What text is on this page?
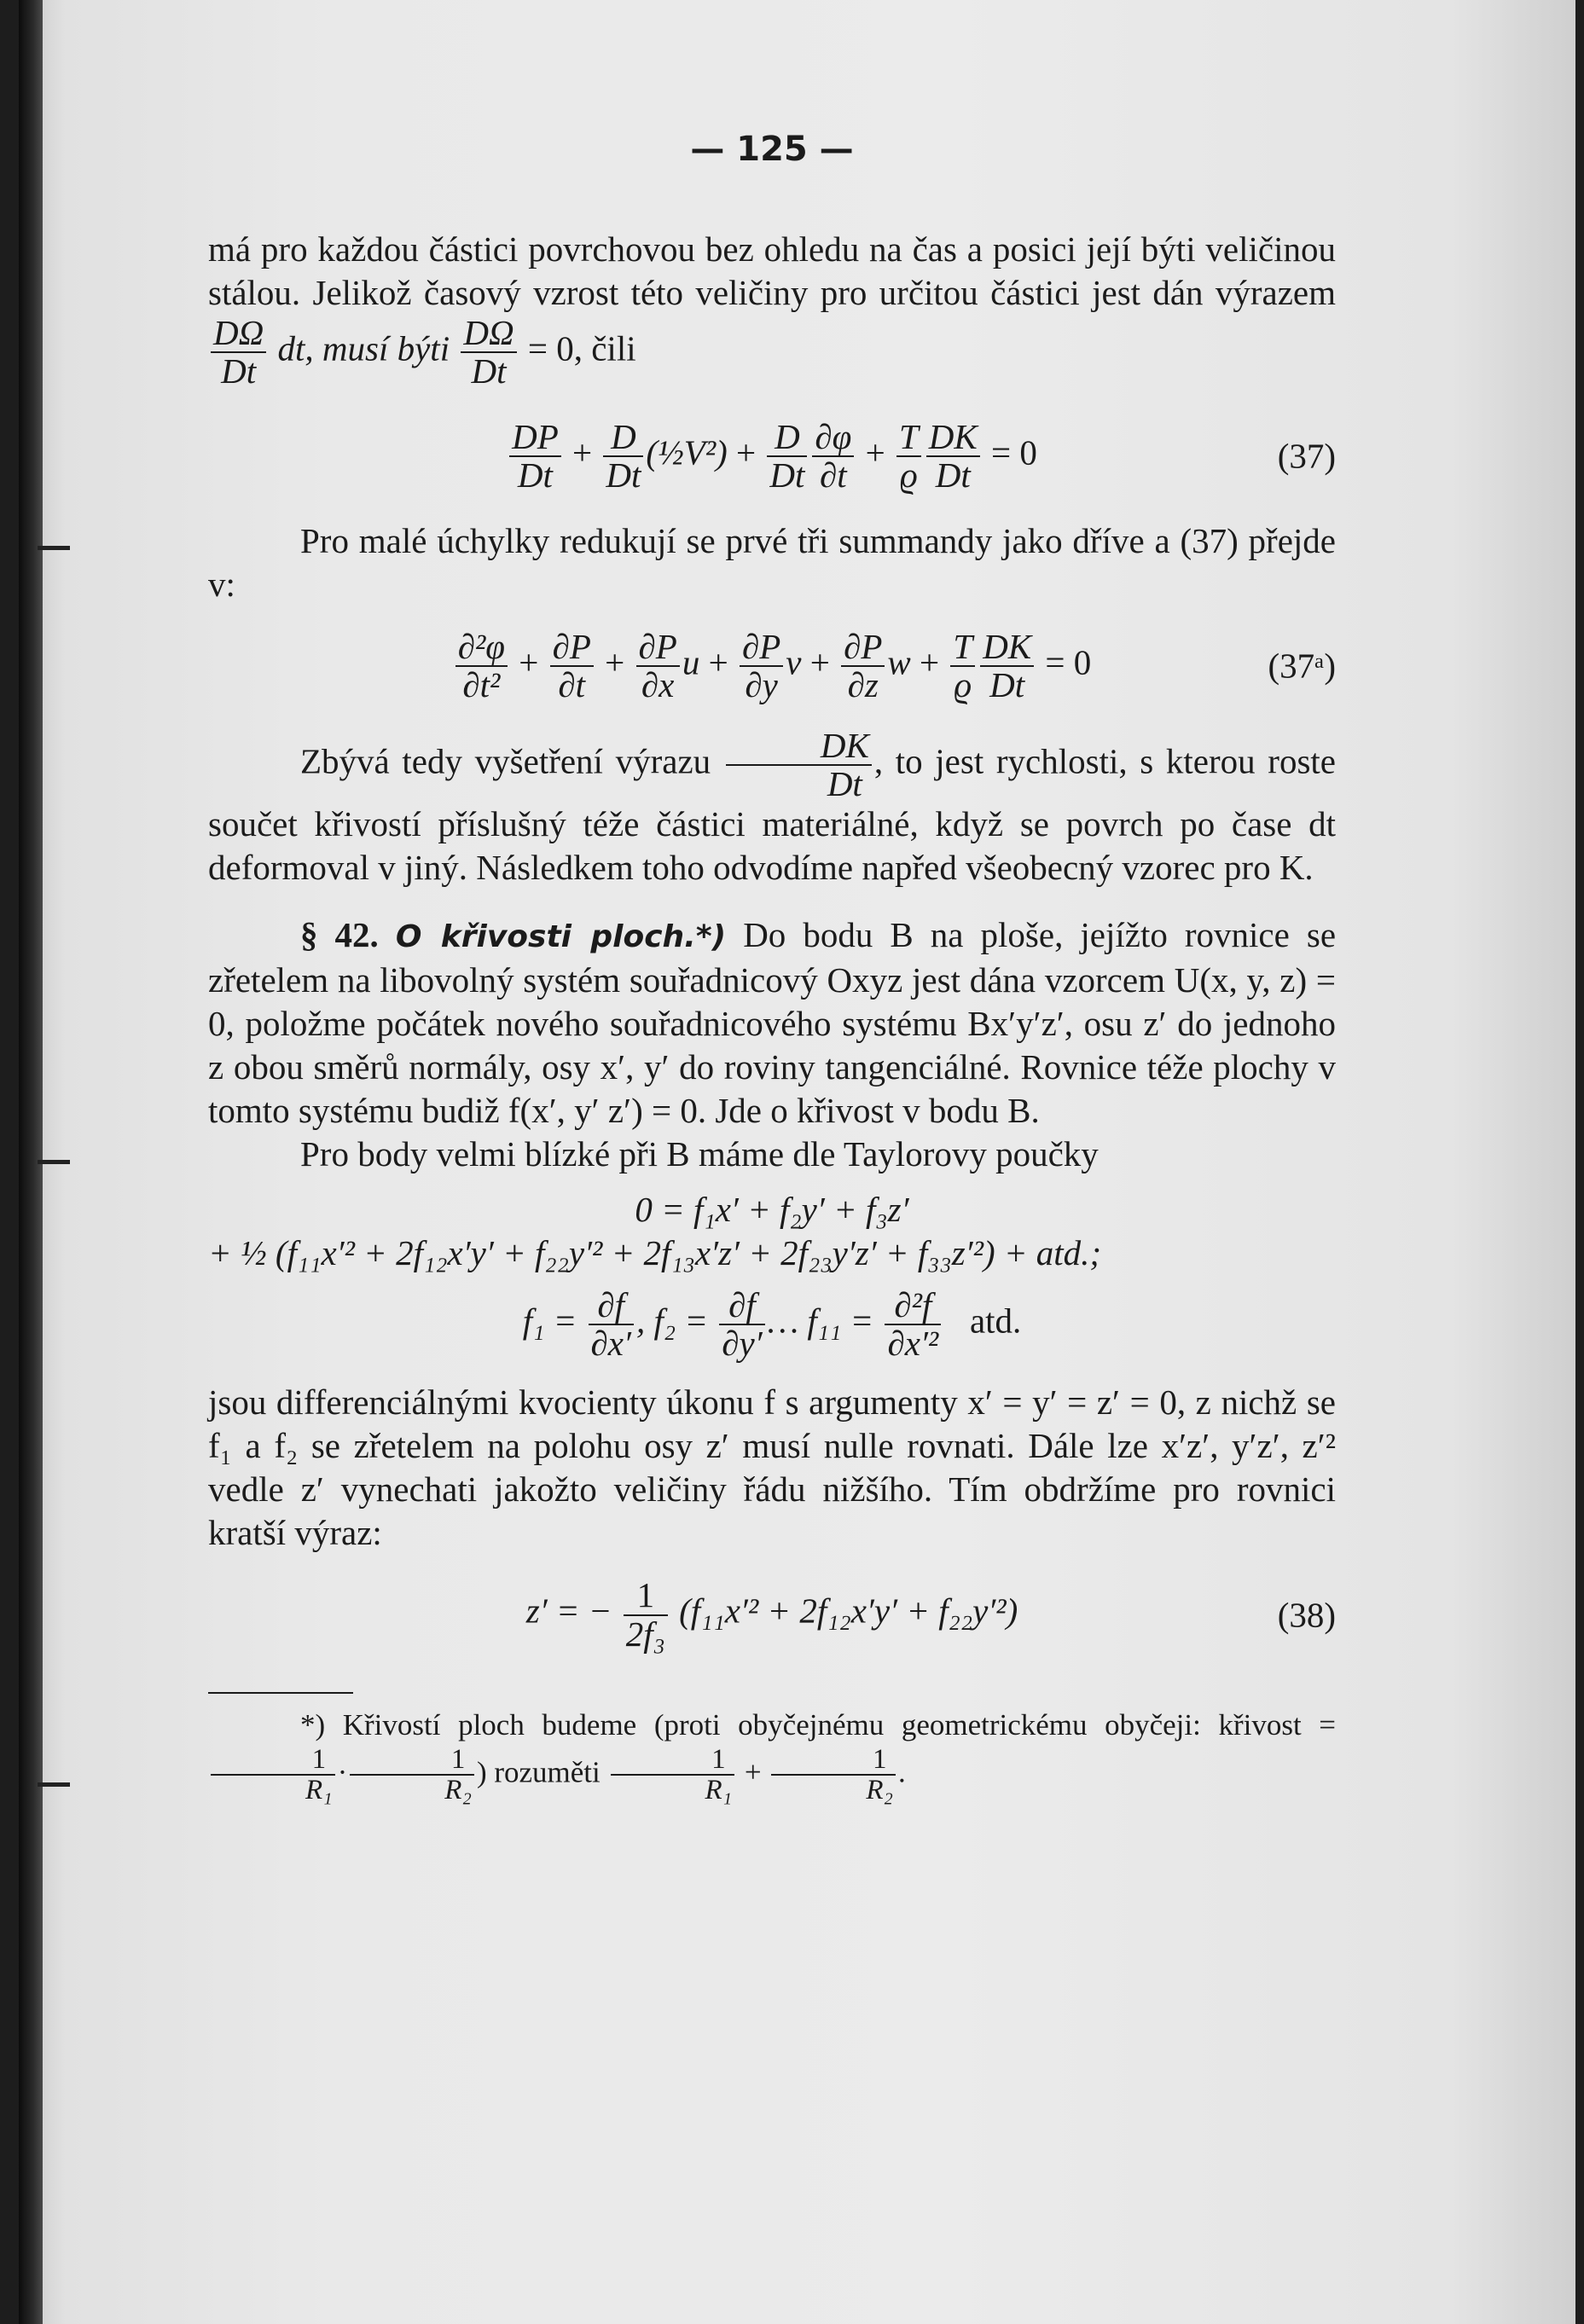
— 125 —

má pro každou částici povrchovou bez ohledu na čas a posici její býti veličinou stálou. Jelikož časový vzrost této veličiny pro určitou částici jest dán výrazem
$\frac{D\Omega}{Dt}$ dt, musí býti $\frac{D\Omega}{Dt} = 0$, čili

$\frac{DP}{Dt} + \frac{D}{Dt}$ (½V²) + $\frac{D}{Dt} \frac{\partial\varphi}{\partial t} + \frac{T}{ϱ} \frac{DK}{Dt} = 0$	(37)

Pro malé úchylky redukují se prvé tři summandy jako dříve a (37) přejde v:

$\frac{\text{∂²φ}}{\text{∂t²}} + \frac{\partial P}{\partial t} + \frac{\partial P}{\partial x}$ $u + \frac{\partial P}{\partial y}$ $v + \frac{\partial P}{\partial z}$ $w + \frac{T}{ϱ} \frac{DK}{Dt} = 0$	(37ᵃ)

Zbývá tedy vyšetření výrazu $\frac{DK}{Dt}$ , to jest rychlosti, s kterou roste součet křivostí příslušný téže částici materiálné, když se povrch po čase dt deformoval v jiný. Následkem toho odvodíme napřed všeobecný vzorec pro K.

§ 42. O křivosti ploch.*) Do bodu B na ploše, jejížto rovnice se zřetelem na libovolný systém souřadnicový Oxyz jest dána vzorcem U(x, y, z) = 0, položme počátek nového souřadnicového systému Bx′y′z′, osu z′ do jednoho z obou směrů normály, osy x′, y′ do roviny tangenciálné. Rovnice téže plochy v tomto systému budiž f(x′, y′ z′) = 0. Jde o křivost v bodu B.

Pro body velmi blízké při B máme dle Taylorovy poučky

0 = f₁x′ + f₂y′ + f₃z′
+ ½ (f₁₁x′² + 2f₁₂x′y′ + f₂₂y′² + 2f₁₃x′z′ + 2f₂₃y′z′ + f₃₃z′²) + atd.;
$f_1 = \frac{\partial f}{\partial x'}$ , $f_2 = \frac{\partial f}{\partial y'}$ … $f_{11} = \frac{\text{∂²f}}{\text{∂x′²}}$ atd.

jsou differenciálnými kvocienty úkonu f s argumenty x′ = y′ = z′ = 0, z nichž se f₁ a f₂ se zřetelem na polohu osy z′ musí nulle rovnati. Dále lze x′z′, y′z′, z′² vedle z′ vynechati jakožto veličiny řádu nižšího. Tím obdržíme pro rovnici kratší výraz:

z′ = − $\frac{1}{\text{2f₃}} (f_{11}x'^2 + 2f_{12}x'y' + f_{22}y'^2)$	(38)

*) Křivostí ploch budeme (proti obyčejnému geometrickému obyčeji: křivost =
$\frac{1}{\text{R₁}} \cdot \frac{1}{\text{R₂}}$ ) rozuměti $\frac{1}{\text{R₁}} + \frac{1}{\text{R₂}}$ .
